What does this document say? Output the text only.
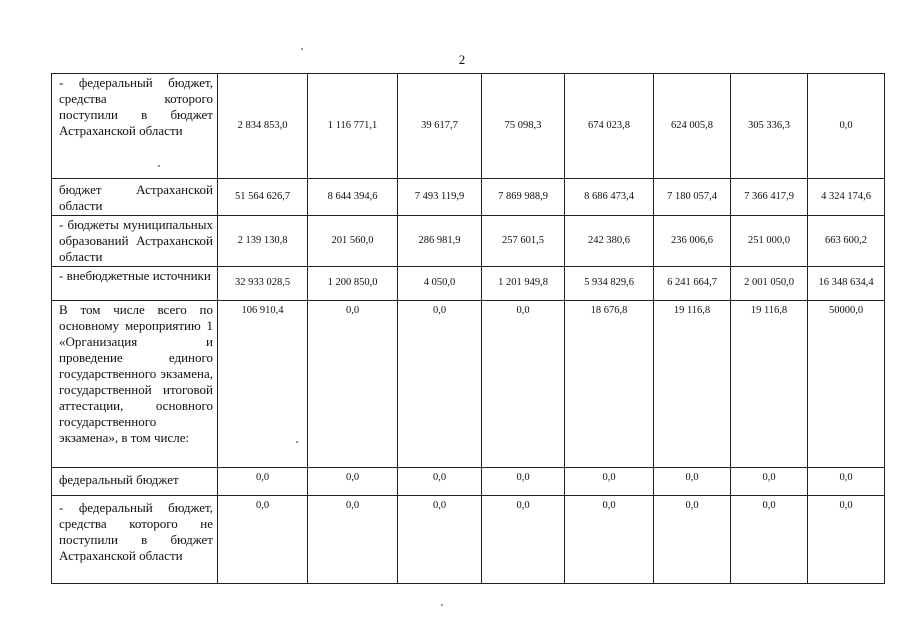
2
- федеральный бюджет, средства которого поступили в бюджет Астраханской области	2 834 853,0	1 116 771,1	39 617,7	75 098,3	674 023,8	624 005,8	305 336,3	0,0
бюджет Астраханской области	51 564 626,7	8 644 394,6	7 493 119,9	7 869 988,9	8 686 473,4	7 180 057,4	7 366 417,9	4 324 174,6
- бюджеты муниципальных образований Астраханской области	2 139 130,8	201 560,0	286 981,9	257 601,5	242 380,6	236 006,6	251 000,0	663 600,2
- внебюджетные источники	32 933 028,5	1 200 850,0	4 050,0	1 201 949,8	5 934 829,6	6 241 664,7	2 001 050,0	16 348 634,4
В том числе всего по основному мероприятию 1 «Организация и проведение единого государственного экзамена, государственной итоговой аттестации, основного государственного экзамена», в том числе:	106 910,4	0,0	0,0	0,0	18 676,8	19 116,8	19 116,8	50000,0
федеральный бюджет	0,0	0,0	0,0	0,0	0,0	0,0	0,0	0,0
- федеральный бюджет, средства которого не поступили в бюджет Астраханской области	0,0	0,0	0,0	0,0	0,0	0,0	0,0	0,0
